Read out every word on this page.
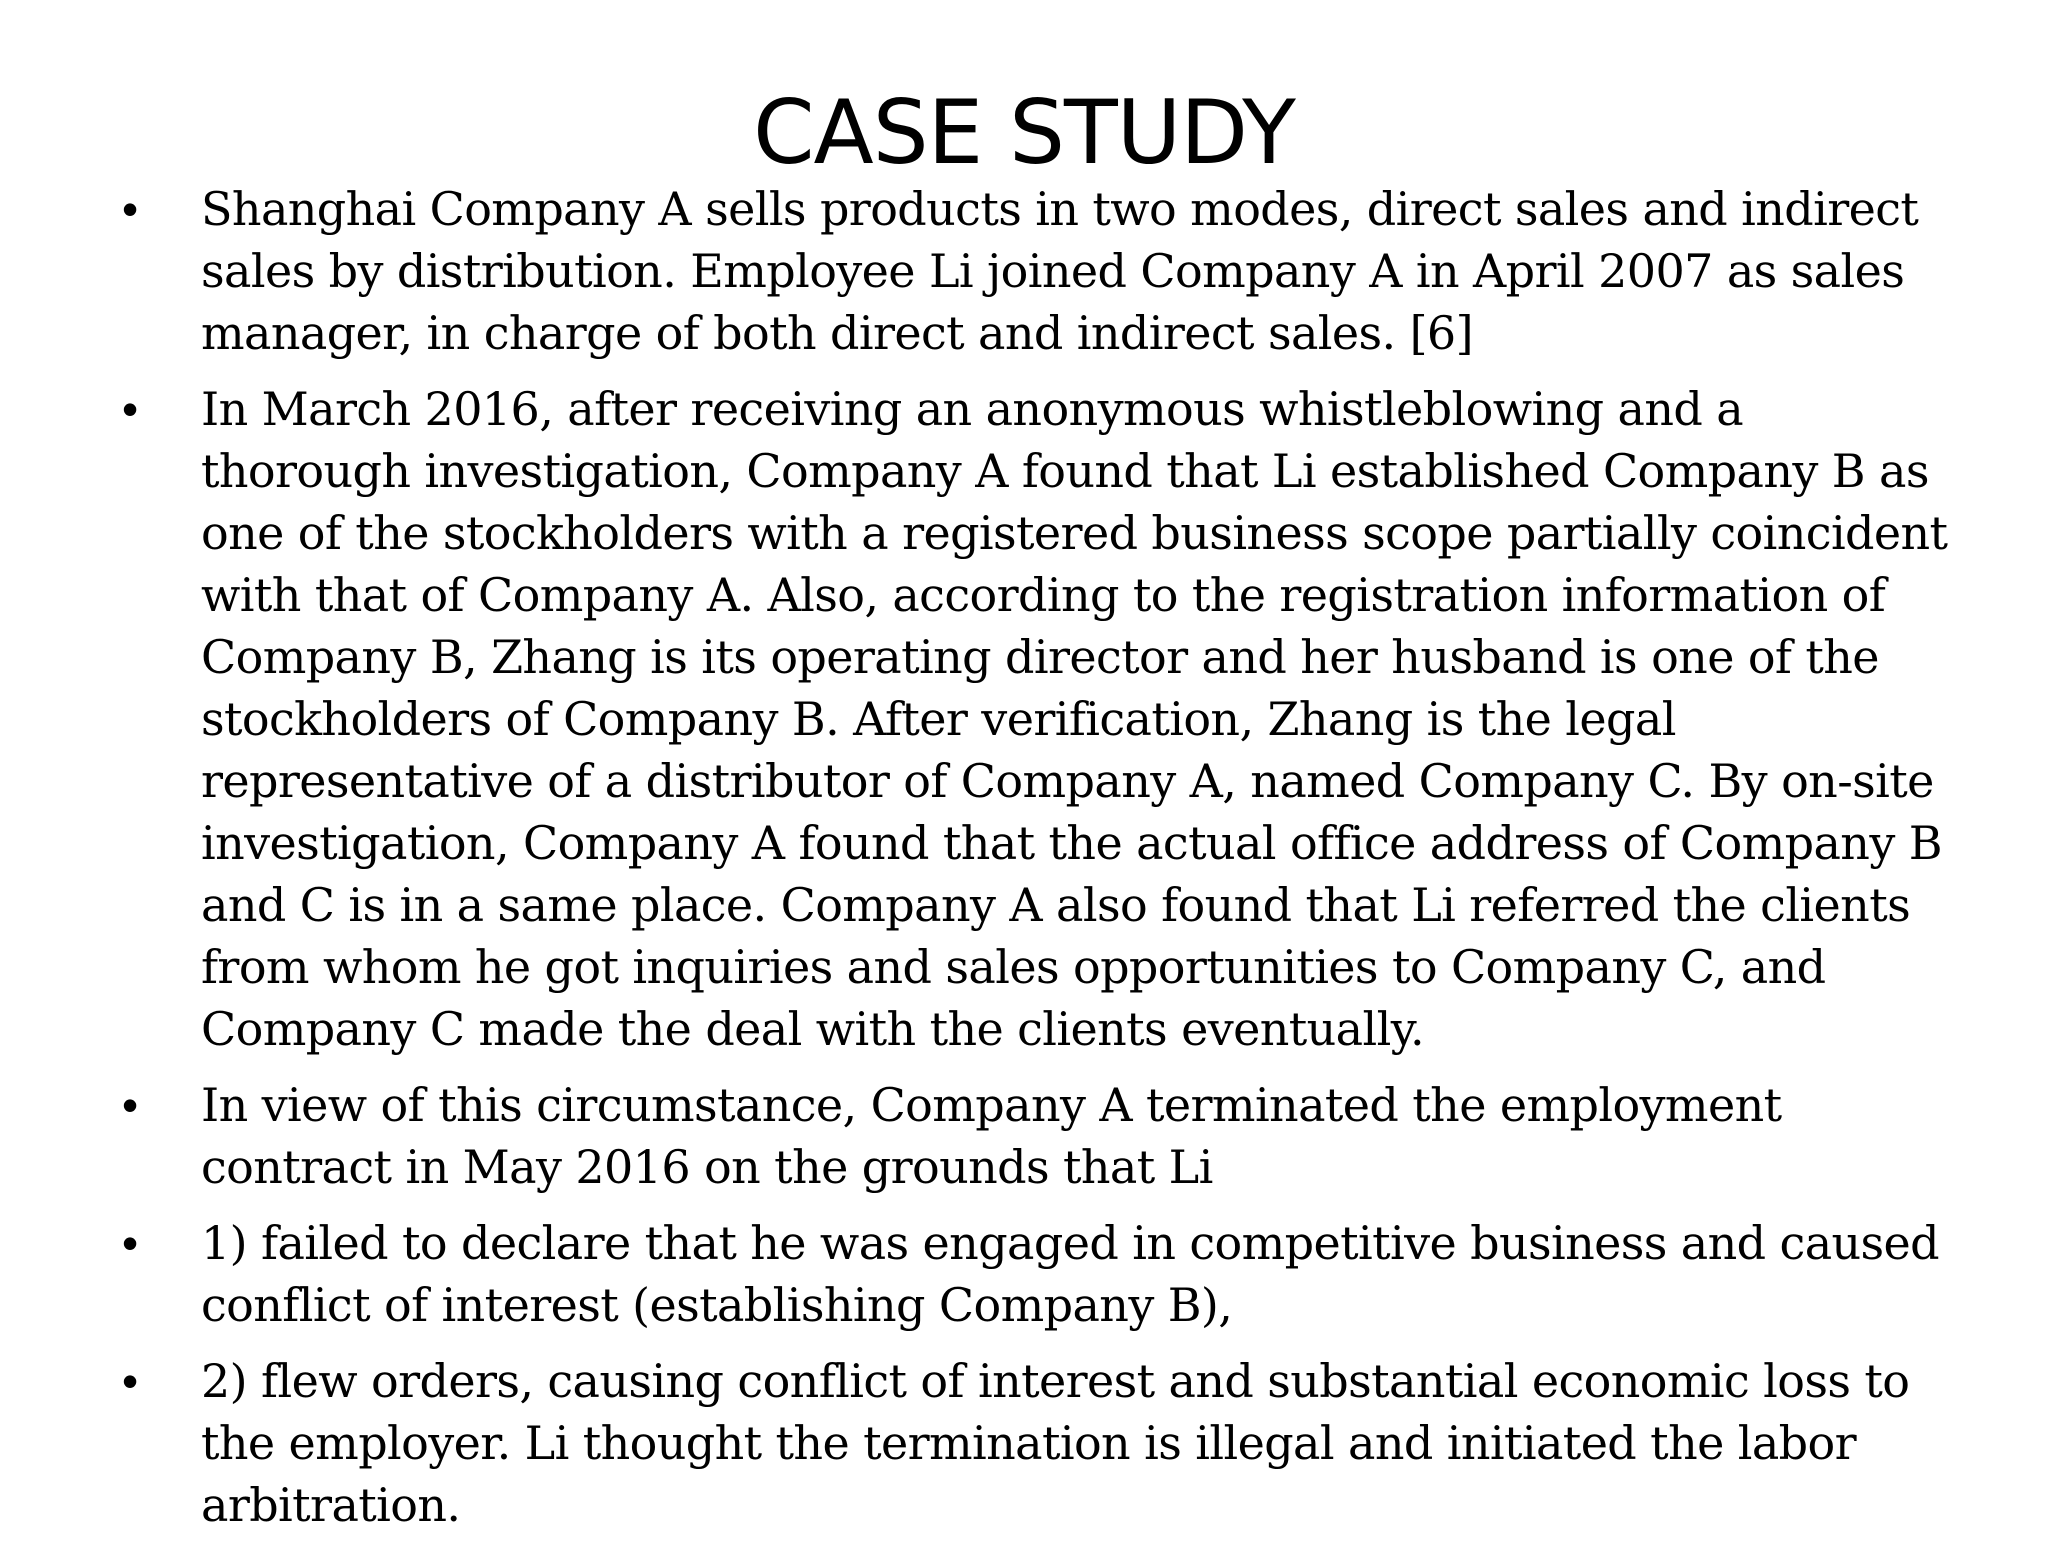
CASE STUDY
• Shanghai Company A sells products in two modes, direct sales and indirect sales by distribution. Employee Li joined Company A in April 2007 as sales manager, in charge of both direct and indirect sales. [6]
• In March 2016, after receiving an anonymous whistleblowing and a thorough investigation, Company A found that Li established Company B as one of the stockholders with a registered business scope partially coincident with that of Company A. Also, according to the registration information of Company B, Zhang is its operating director and her husband is one of the stockholders of Company B. After verification, Zhang is the legal representative of a distributor of Company A, named Company C. By on-site investigation, Company A found that the actual office address of Company B and C is in a same place. Company A also found that Li referred the clients from whom he got inquiries and sales opportunities to Company C, and Company C made the deal with the clients eventually.
• In view of this circumstance, Company A terminated the employment contract in May 2016 on the grounds that Li
• 1) failed to declare that he was engaged in competitive business and caused conflict of interest (establishing Company B),
• 2) flew orders, causing conflict of interest and substantial economic loss to the employer. Li thought the termination is illegal and initiated the labor arbitration.
